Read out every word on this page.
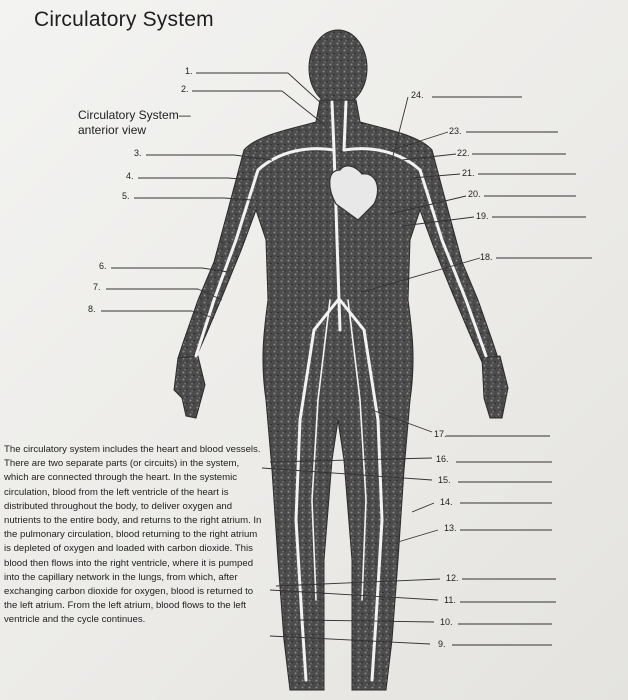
Circulatory System
Circulatory System—
anterior view
1.
2.
3.
4.
5.
6.
7.
8.
24.
23.
22.
21.
20.
19.
18.
17.
16.
15.
14.
13.
12.
11.
10.
9.

The circulatory system includes the heart and blood vessels. There are two separate parts (or circuits) in the system, which are connected through the heart. In the systemic circulation, blood from the left ventricle of the heart is distributed throughout the body, to deliver oxygen and nutrients to the entire body, and returns to the right atrium. In the pulmonary circulation, blood returning to the right atrium is depleted of oxygen and loaded with carbon dioxide. This blood then flows into the right ventricle, where it is pumped into the capillary network in the lungs, from which, after exchanging carbon dioxide for oxygen, blood is returned to the left atrium. From the left atrium, blood flows to the left ventricle and the cycle continues.
